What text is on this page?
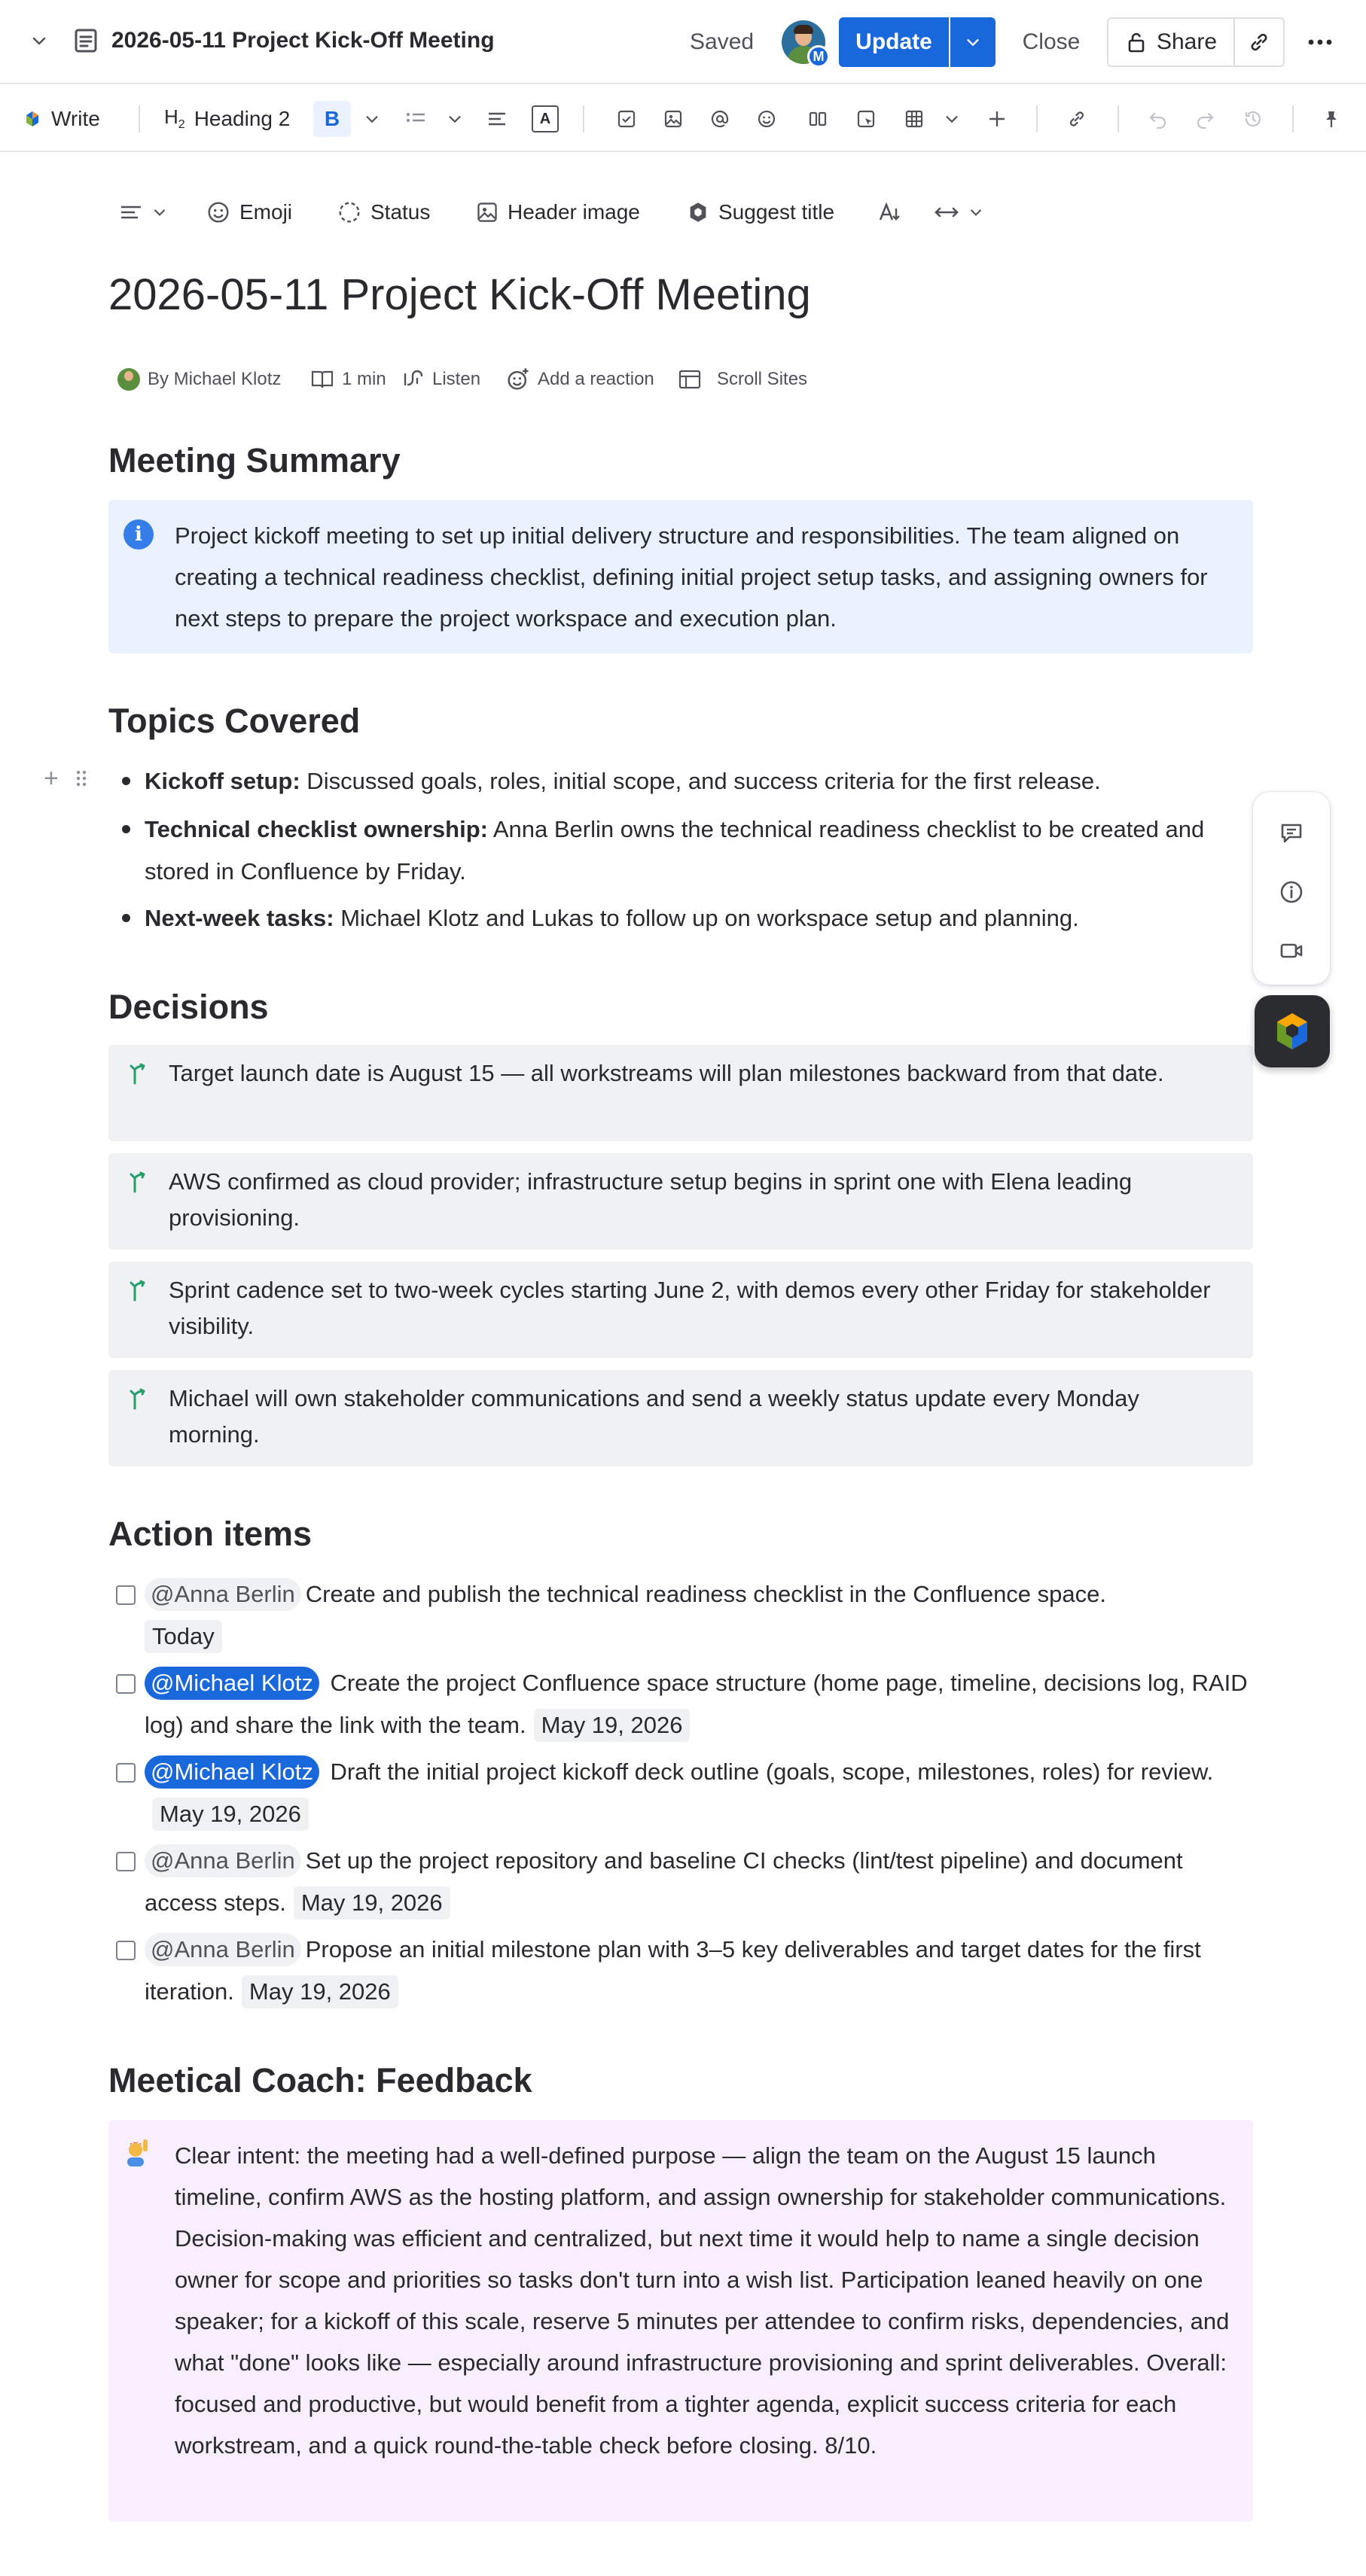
2026-05-11 Project Kick-Off Meeting	Saved
M
Update	Close	Share
Write	$H_2$ Heading 2	B	A
Emoji	Status	Header image	Suggest title
2026-05-11 Project Kick-Off Meeting
By Michael Klotz	1 min	Listen	Add a reaction	Scroll Sites
Meeting Summary
i	Project kickoff meeting to set up initial delivery structure and responsibilities. The team aligned on creating a technical readiness checklist, defining initial project setup tasks, and assigning owners for next steps to prepare the project workspace and execution plan.
Topics Covered
+	Kickoff setup: Discussed goals, roles, initial scope, and success criteria for the first release.
Technical checklist ownership: Anna Berlin owns the technical readiness checklist to be created and stored in Confluence by Friday.
Next-week tasks: Michael Klotz and Lukas to follow up on workspace setup and planning.
Decisions
Target launch date is August 15 — all workstreams will plan milestones backward from that date.
AWS confirmed as cloud provider; infrastructure setup begins in sprint one with Elena leading provisioning.
Sprint cadence set to two-week cycles starting June 2, with demos every other Friday for stakeholder visibility.
Michael will own stakeholder communications and send a weekly status update every Monday morning.
Action items
@Anna Berlin Create and publish the technical readiness checklist in the Confluence space.
Today
@Michael Klotz Create the project Confluence space structure (home page, timeline, decisions log, RAID log) and share the link with the team. May 19, 2026
@Michael Klotz Draft the initial project kickoff deck outline (goals, scope, milestones, roles) for review.May 19, 2026
@Anna Berlin Set up the project repository and baseline CI checks (lint/test pipeline) and document access steps. May 19, 2026
@Anna Berlin Propose an initial milestone plan with 3–5 key deliverables and target dates for the first iteration. May 19, 2026
Meetical Coach: Feedback
Clear intent: the meeting had a well-defined purpose — align the team on the August 15 launch timeline, confirm AWS as the hosting platform, and assign ownership for stakeholder communications. Decision-making was efficient and centralized, but next time it would help to name a single decision owner for scope and priorities so tasks don't turn into a wish list. Participation leaned heavily on one speaker; for a kickoff of this scale, reserve 5 minutes per attendee to confirm risks, dependencies, and what "done" looks like — especially around infrastructure provisioning and sprint deliverables. Overall: focused and productive, but would benefit from a tighter agenda, explicit success criteria for each workstream, and a quick round-the-table check before closing. 8/10.
